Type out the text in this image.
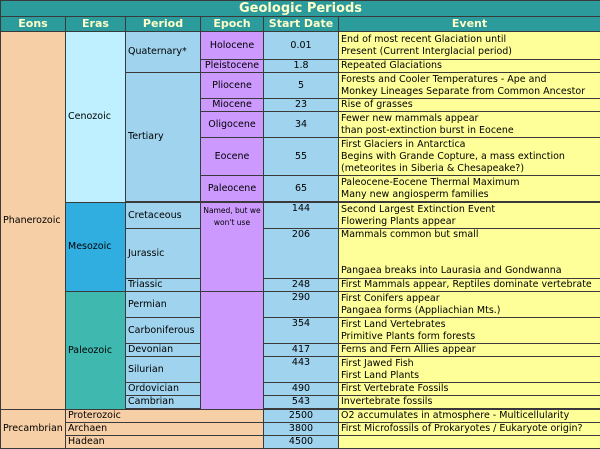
Geologic Periods					
Eons	Eras	Period	Epoch	Start Date	Event
Phanerozoic	Cenozoic	Quaternary*	Holocene	0.01	End of most recent Glaciation until
Present (Current Interglacial period)

			Pleistocene	1.8	Repeated Glaciations

		Tertiary	Pliocene	5	Forests and Cooler Temperatures - Ape and
Monkey Lineages Separate from Common Ancestor

			Miocene	23	Rise of grasses

			Oligocene	34	Fewer new mammals appear
than post-extinction burst in Eocene

			Eocene	55	First Glaciers in Antarctica
Begins with Grande Copture, a mass extinction
(meteorites in Siberia & Chesapeake?)

			Paleocene	65	Paleocene-Eocene Thermal Maximum
Many new angiosperm families

	Mesozoic	Cretaceous	Named, but we won't use	144	Second Largest Extinction Event
Flowering Plants appear

		Jurassic		206	Mammals common but small
Pangaea breaks into Laurasia and Gondwanna

		Triassic		248	First Mammals appear, Reptiles dominate vertebrate

	Paleozoic	Permian		290	First Conifers appear
Pangaea forms (Appliachian Mts.)

		Carboniferous		354	First Land Vertebrates
Primitive Plants form forests

		Devonian		417	Ferns and Fern Allies appear

		Silurian		443	First Jawed Fish
First Land Plants

		Ordovician		490	First Vertebrate Fossils

		Cambrian		543	Invertebrate fossils

Precambrian	Proterozoic			2500	O2 accumulates in atmosphere - Multicellularity

	Archaen			3800	First Microfossils of Prokaryotes / Eukaryote origin?

	Hadean			4500	
